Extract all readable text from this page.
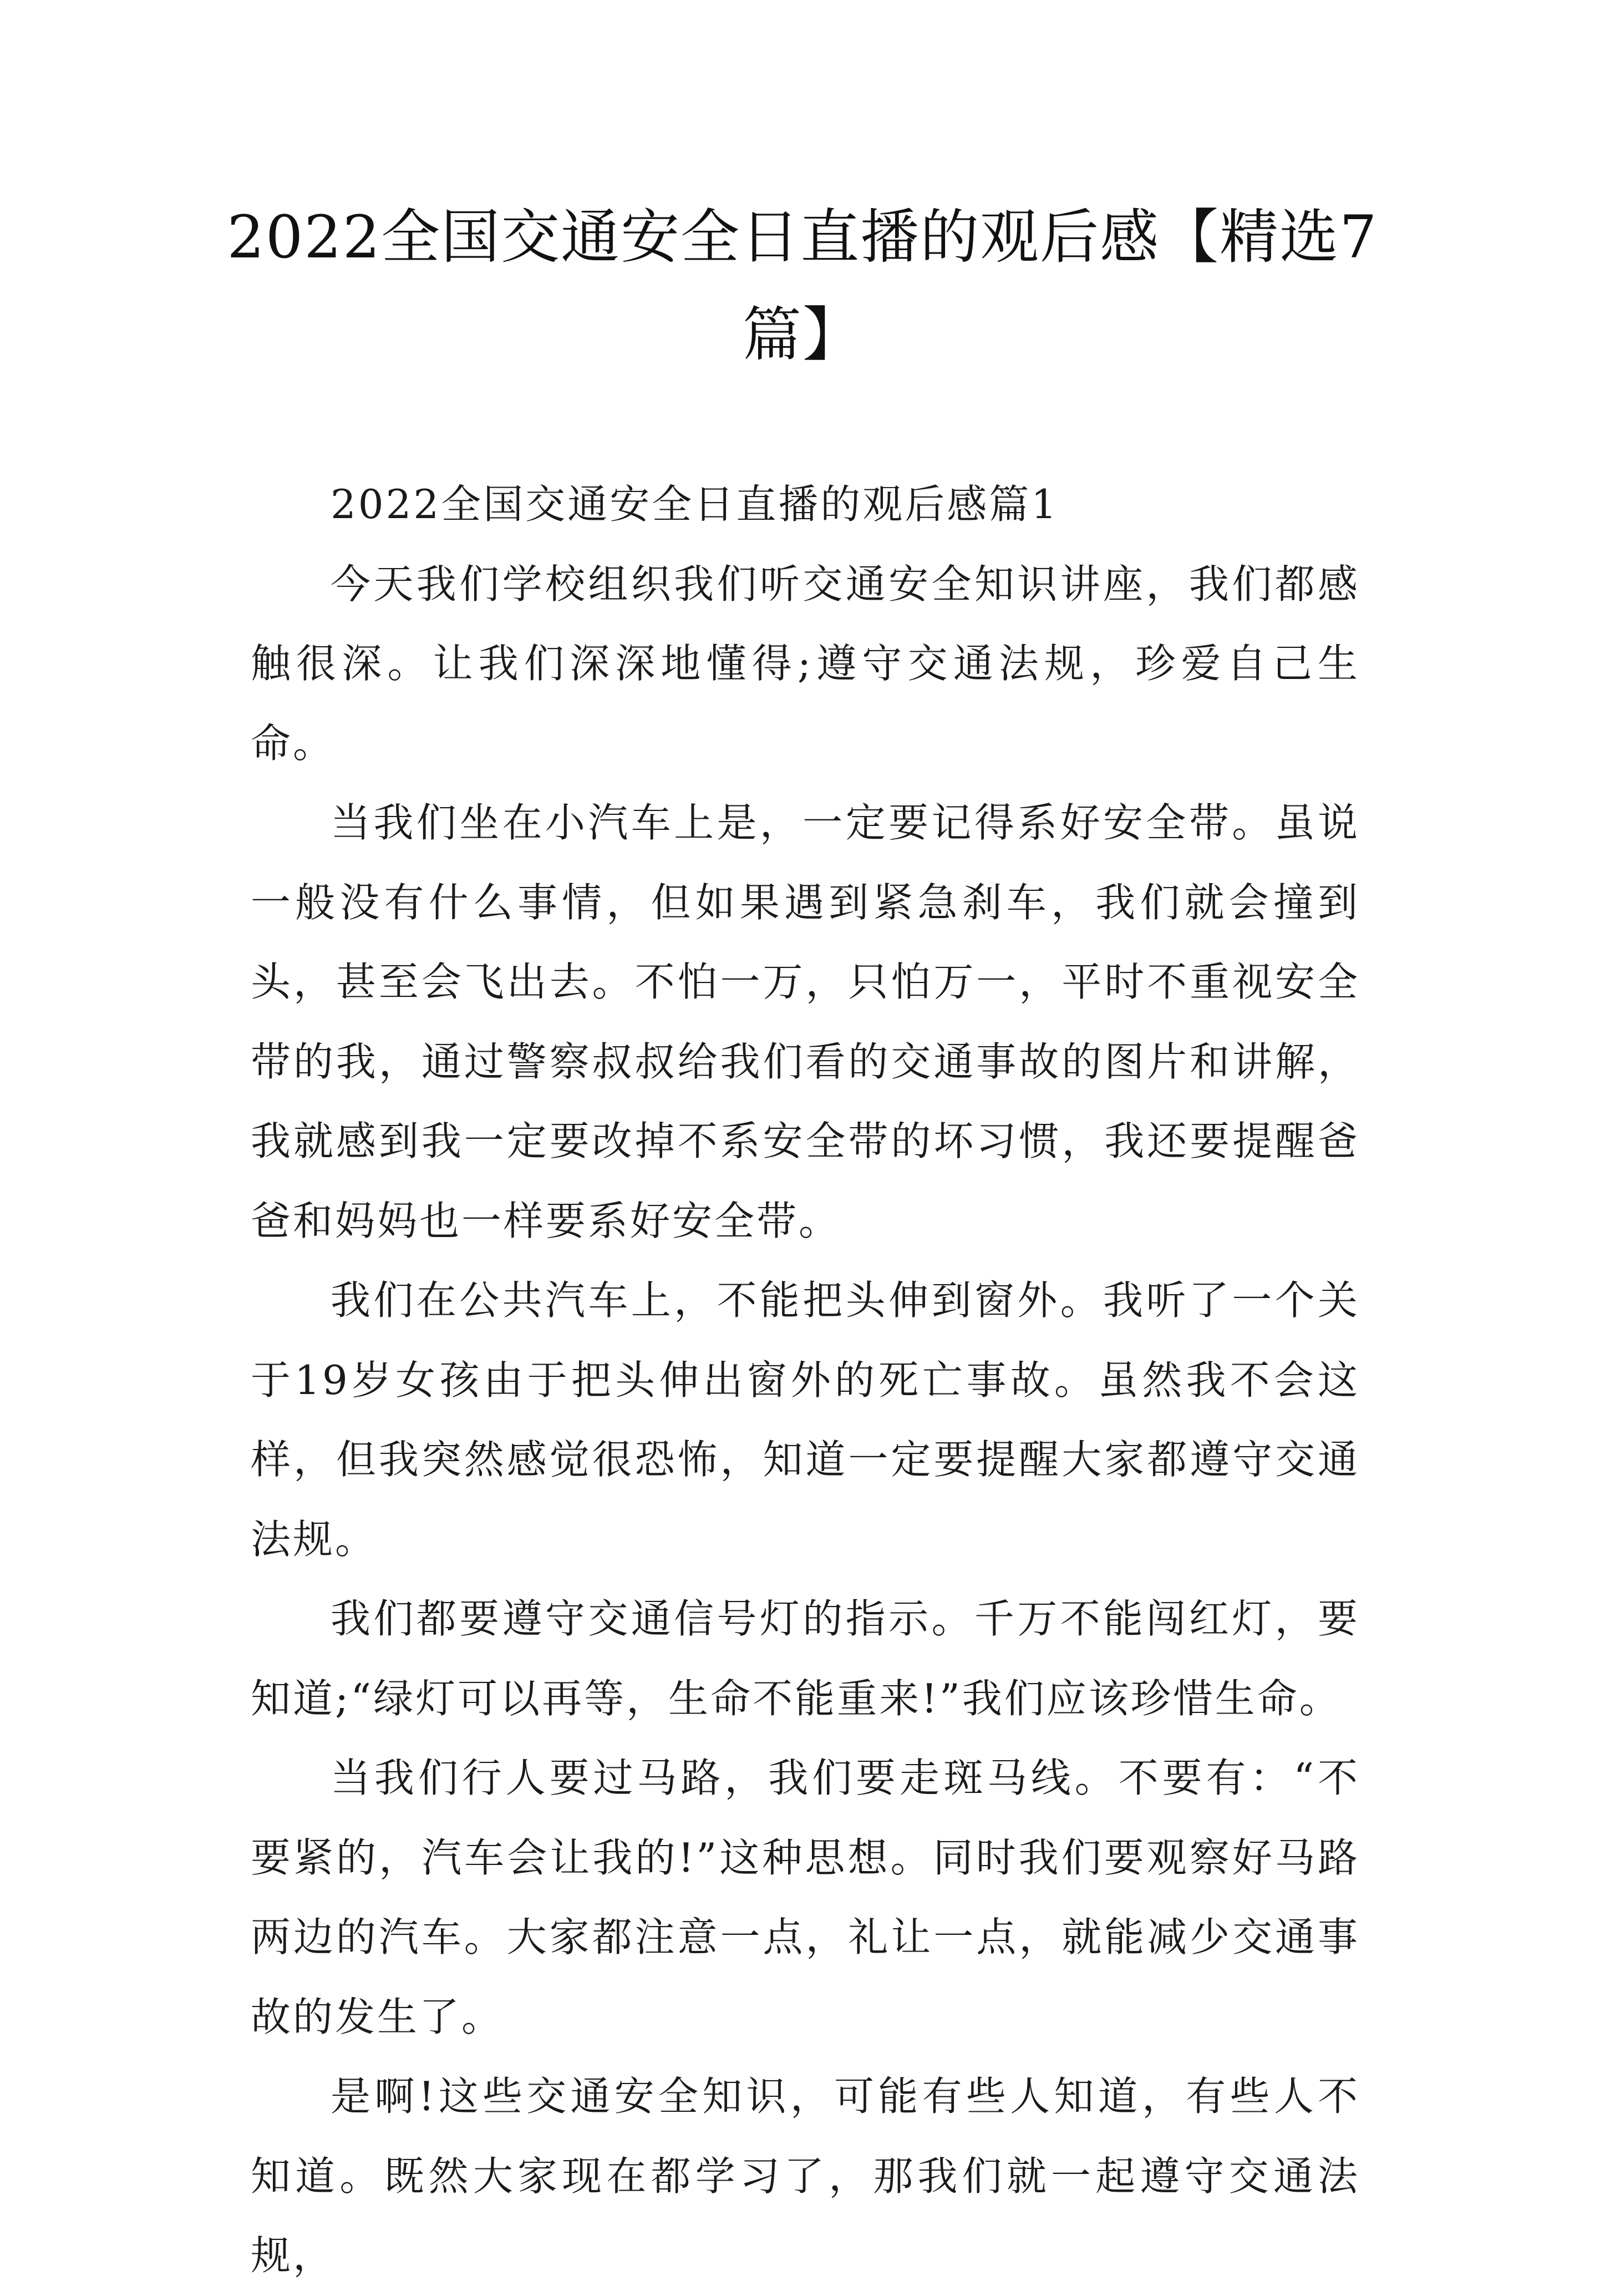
2022全国交通安全日直播的观后感【精选7篇】

2022全国交通安全日直播的观后感篇1

今天我们学校组织我们听交通安全知识讲座，我们都感触很深。让我们深深地懂得;遵守交通法规，珍爱自己生命。

当我们坐在小汽车上是，一定要记得系好安全带。虽说一般没有什么事情，但如果遇到紧急刹车，我们就会撞到头，甚至会飞出去。不怕一万，只怕万一，平时不重视安全带的我，通过警察叔叔给我们看的交通事故的图片和讲解，我就感到我一定要改掉不系安全带的坏习惯，我还要提醒爸爸和妈妈也一样要系好安全带。

我们在公共汽车上，不能把头伸到窗外。我听了一个关于19岁女孩由于把头伸出窗外的死亡事故。虽然我不会这样，但我突然感觉很恐怖，知道一定要提醒大家都遵守交通法规。

我们都要遵守交通信号灯的指示。千万不能闯红灯，要知道;“绿灯可以再等，生命不能重来!”我们应该珍惜生命。

当我们行人要过马路，我们要走斑马线。不要有：“不要紧的，汽车会让我的!”这种思想。同时我们要观察好马路两边的汽车。大家都注意一点，礼让一点，就能减少交通事故的发生了。

是啊!这些交通安全知识，可能有些人知道，有些人不知道。既然大家现在都学习了，那我们就一起遵守交通法规，
